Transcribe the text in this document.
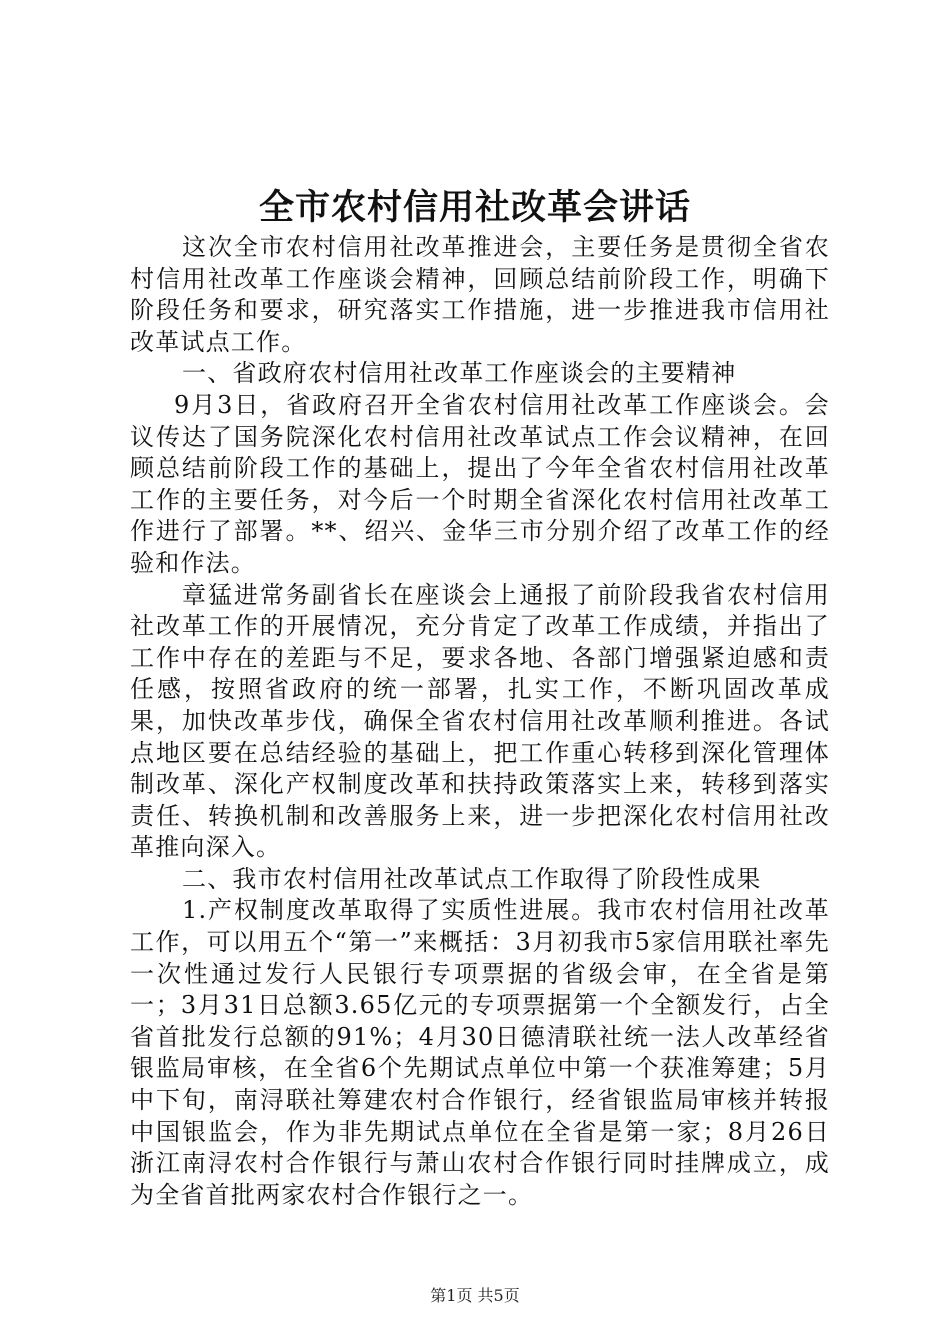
全市农村信用社改革会讲话

这次全市农村信用社改革推进会，主要任务是贯彻全省农村信用社改革工作座谈会精神，回顾总结前阶段工作，明确下阶段任务和要求，研究落实工作措施，进一步推进我市信用社改革试点工作。

一、省政府农村信用社改革工作座谈会的主要精神

9月3日，省政府召开全省农村信用社改革工作座谈会。会议传达了国务院深化农村信用社改革试点工作会议精神，在回顾总结前阶段工作的基础上，提出了今年全省农村信用社改革工作的主要任务，对今后一个时期全省深化农村信用社改革工作进行了部署。**、绍兴、金华三市分别介绍了改革工作的经验和作法。

章猛进常务副省长在座谈会上通报了前阶段我省农村信用社改革工作的开展情况，充分肯定了改革工作成绩，并指出了工作中存在的差距与不足，要求各地、各部门增强紧迫感和责任感，按照省政府的统一部署，扎实工作，不断巩固改革成果，加快改革步伐，确保全省农村信用社改革顺利推进。各试点地区要在总结经验的基础上，把工作重心转移到深化管理体制改革、深化产权制度改革和扶持政策落实上来，转移到落实责任、转换机制和改善服务上来，进一步把深化农村信用社改革推向深入。

二、我市农村信用社改革试点工作取得了阶段性成果

1.产权制度改革取得了实质性进展。我市农村信用社改革工作，可以用五个“第一”来概括：3月初我市5家信用联社率先一次性通过发行人民银行专项票据的省级会审，在全省是第一；3月31日总额3.65亿元的专项票据第一个全额发行，占全省首批发行总额的91%；4月30日德清联社统一法人改革经省银监局审核，在全省6个先期试点单位中第一个获准筹建；5月中下旬，南浔联社筹建农村合作银行，经省银监局审核并转报中国银监会，作为非先期试点单位在全省是第一家；8月26日浙江南浔农村合作银行与萧山农村合作银行同时挂牌成立，成为全省首批两家农村合作银行之一。

第1页 共5页
